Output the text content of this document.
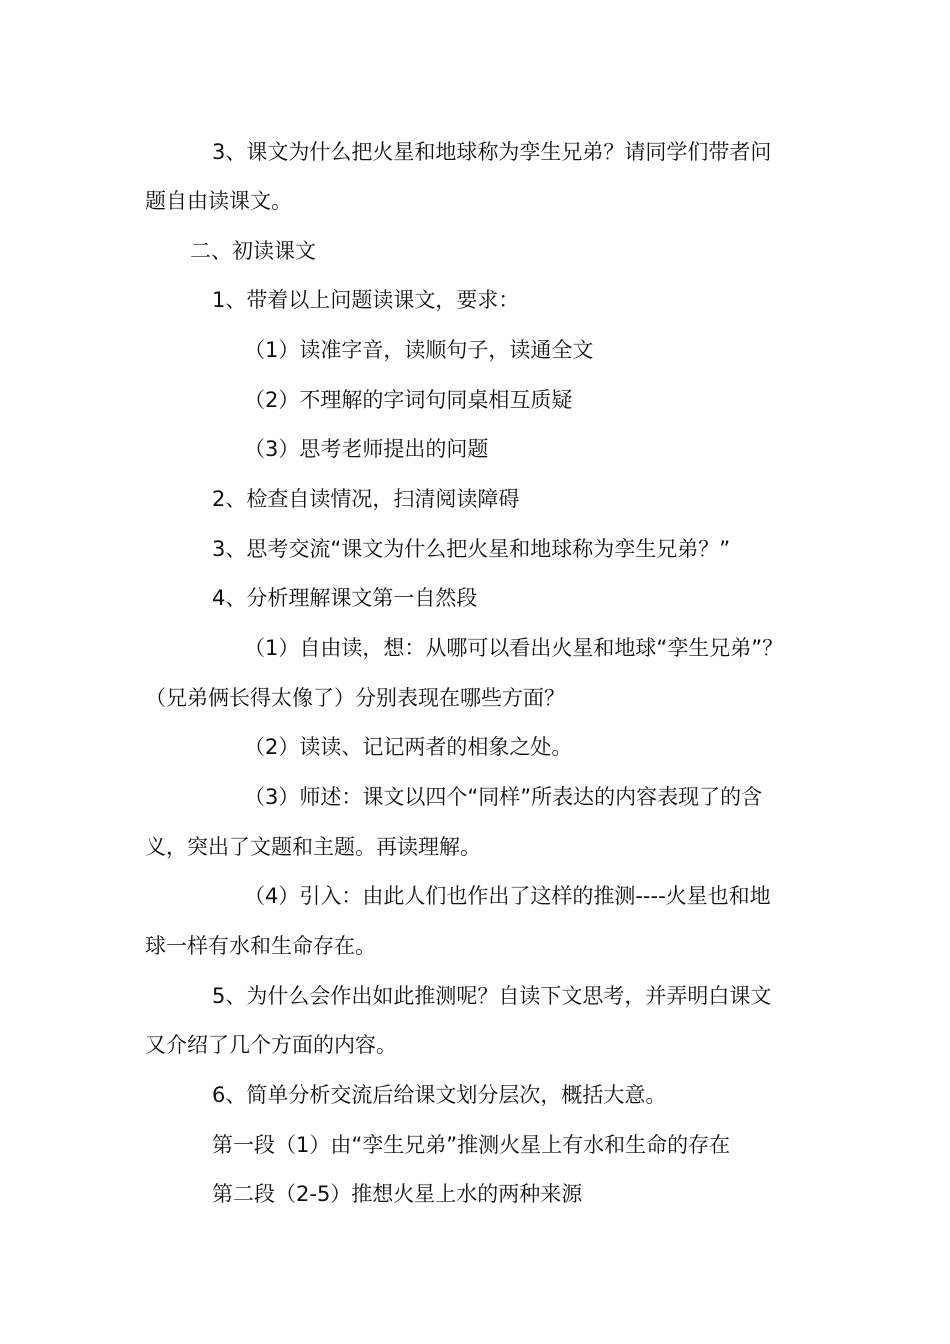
3、课文为什么把火星和地球称为孪生兄弟？请同学们带者问
题自由读课文。
二、初读课文
1、带着以上问题读课文，要求：
（1）读准字音，读顺句子，读通全文
（2）不理解的字词句同桌相互质疑
（3）思考老师提出的问题
2、检查自读情况，扫清阅读障碍
3、思考交流“课文为什么把火星和地球称为孪生兄弟？”
4、分析理解课文第一自然段
（1）自由读，想：从哪可以看出火星和地球“孪生兄弟”？
（兄弟俩长得太像了）分别表现在哪些方面？
（2）读读、记记两者的相象之处。
（3）师述：课文以四个“同样”所表达的内容表现了的含
义，突出了文题和主题。再读理解。
（4）引入：由此人们也作出了这样的推测----火星也和地
球一样有水和生命存在。
5、为什么会作出如此推测呢？自读下文思考，并弄明白课文
又介绍了几个方面的内容。
6、简单分析交流后给课文划分层次，概括大意。
第一段（1）由“孪生兄弟”推测火星上有水和生命的存在
第二段（2-5）推想火星上水的两种来源
